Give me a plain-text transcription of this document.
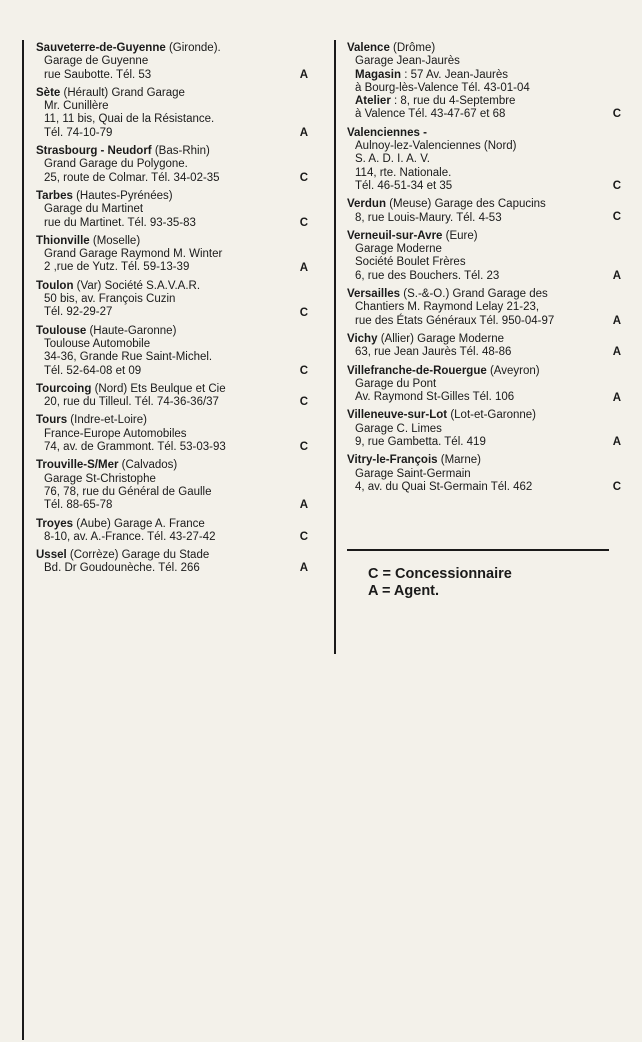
Sauveterre-de-Guyenne (Gironde).
Garage de Guyenne
rue Saubotte. Tél. 53	A
Sète (Hérault) Grand Garage
Mr. Cunillère
11, 11 bis, Quai de la Résistance.
Tél. 74-10-79	A
Strasbourg - Neudorf (Bas-Rhin)
Grand Garage du Polygone.
25, route de Colmar. Tél. 34-02-35	C
Tarbes (Hautes-Pyrénées)
Garage du Martinet
rue du Martinet. Tél. 93-35-83	C
Thionville (Moselle)
Grand Garage Raymond M. Winter
2 ,rue de Yutz. Tél. 59-13-39	A
Toulon (Var) Société S.A.V.A.R.
50 bis, av. François Cuzin
Tél. 92-29-27	C
Toulouse (Haute-Garonne)
Toulouse Automobile
34-36, Grande Rue Saint-Michel.
Tél. 52-64-08 et 09	C
Tourcoing (Nord) Ets Beulque et Cie
20, rue du Tilleul. Tél. 74-36-36/37	C
Tours (Indre-et-Loire)
France-Europe Automobiles
74, av. de Grammont. Tél. 53-03-93	C
Trouville-S/Mer (Calvados)
Garage St-Christophe
76, 78, rue du Général de Gaulle
Tél. 88-65-78	A
Troyes (Aube) Garage A. France
8-10, av. A.-France. Tél. 43-27-42	C
Ussel (Corrèze) Garage du Stade
Bd. Dr Goudounèche. Tél. 266	A
Valence (Drôme)
Garage Jean-Jaurès
Magasin : 57 Av. Jean-Jaurès
à Bourg-lès-Valence Tél. 43-01-04
Atelier : 8, rue du 4-Septembre
à Valence Tél. 43-47-67 et 68	C
Valenciennes -
Aulnoy-lez-Valenciennes (Nord)
S. A. D. I. A. V.
114, rte. Nationale.
Tél. 46-51-34 et 35	C
Verdun (Meuse) Garage des Capucins
8, rue Louis-Maury. Tél. 4-53	C
Verneuil-sur-Avre (Eure)
Garage Moderne
Société Boulet Frères
6, rue des Bouchers. Tél. 23	A
Versailles (S.-&-O.) Grand Garage des
Chantiers M. Raymond Lelay 21-23,
rue des États Généraux Tél. 950-04-97	A
Vichy (Allier) Garage Moderne
63, rue Jean Jaurès Tél. 48-86	A
Villefranche-de-Rouergue (Aveyron)
Garage du Pont
Av. Raymond St-Gilles Tél. 106	A
Villeneuve-sur-Lot (Lot-et-Garonne)
Garage C. Limes
9, rue Gambetta. Tél. 419	A
Vitry-le-François (Marne)
Garage Saint-Germain
4, av. du Quai St-Germain Tél. 462	C
C = Concessionnaire
A = Agent.
